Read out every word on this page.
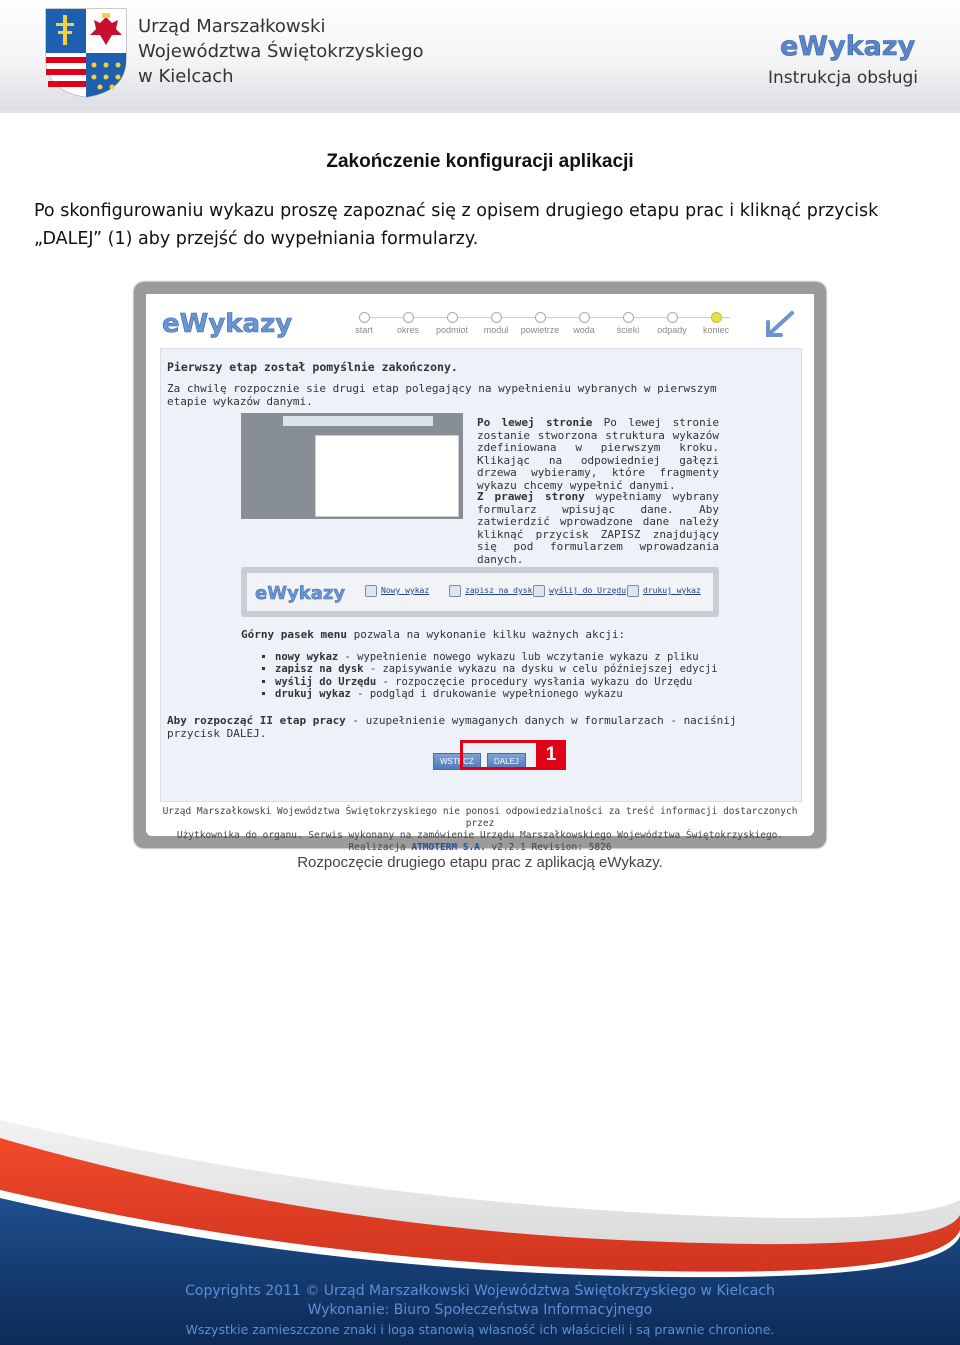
Urząd Marszałkowski
Województwa Świętokrzyskiego
w Kielcach
eWykazy
Instrukcja obsługi
Zakończenie konfiguracji aplikacji

Po skonfigurowaniu wykazu proszę zapoznać się z opisem drugiego etapu prac i kliknąć przycisk „DALEJ” (1) aby przejść do wypełniania formularzy.

eWykazy	start	okres	podmiot	moduł	powietrze	woda	ścieki	odpady	koniec
Pierwszy etap został pomyślnie zakończony.
Za chwilę rozpocznie sie drugi etap polegający na wypełnieniu wybranych w pierwszym etapie wykazów danymi.
Po lewej stronie Po lewej stronie zostanie stworzona struktura wykazów zdefiniowana w pierwszym kroku. Klikając na odpowiedniej gałęzi drzewa wybieramy, które fragmenty wykazu chcemy wypełnić danymi.
Z prawej strony wypełniamy wybrany formularz wpisując dane. Aby zatwierdzić wprowadzone dane należy kliknąć przycisk ZAPISZ znajdujący się pod formularzem wprowadzania danych.
eWykazy	Nowy wykaz	zapisz na dysk wyślij do Urzędu drukuj wykaz
Górny pasek menu pozwala na wykonanie kilku ważnych akcji:
▪ nowy wykaz - wypełnienie nowego wykazu lub wczytanie wykazu z pliku
▪ zapisz na dysk - zapisywanie wykazu na dysku w celu późniejszej edycji
▪ wyślij do Urzędu - rozpoczęcie procedury wysłania wykazu do Urzędu
▪ drukuj wykaz - podgląd i drukowanie wypełnionego wykazu
Aby rozpocząć II etap pracy - uzupełnienie wymaganych danych w formularzach - naciśnij przycisk DALEJ.
WSTECZ	DALEJ
Urząd Marszałkowski Województwa Świętokrzyskiego nie ponosi odpowiedzialności za treść informacji dostarczonych przez
Użytkownika do organu. Serwis wykonany na zamówienie Urzędu Marszałkowskiego Województwa Świętokrzyskiego.
Realizacja ATMOTERM S.A. v2.2.1 Revision: 5826
1
Rozpoczęcie drugiego etapu prac z aplikacją eWykazy.
Copyrights 2011 © Urząd Marszałkowski Województwa Świętokrzyskiego w Kielcach
Wykonanie: Biuro Społeczeństwa Informacyjnego
Wszystkie zamieszczone znaki i loga stanowią własność ich właścicieli i są prawnie chronione.
